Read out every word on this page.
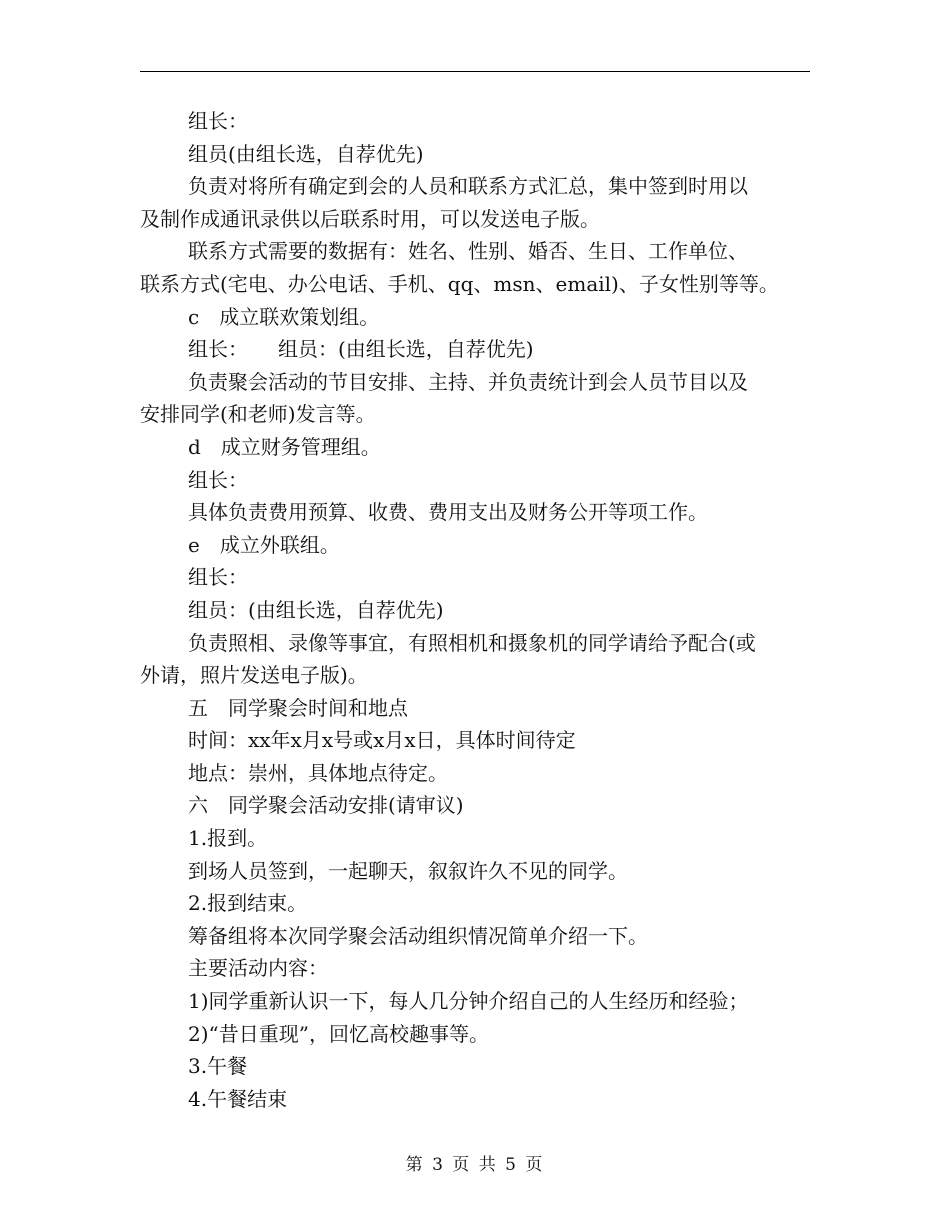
组长：
组员(由组长选，自荐优先)
负责对将所有确定到会的人员和联系方式汇总，集中签到时用以
及制作成通讯录供以后联系时用，可以发送电子版。
联系方式需要的数据有：姓名、性别、婚否、生日、工作单位、
联系方式(宅电、办公电话、手机、qq、msn、email)、子女性别等等。
c　成立联欢策划组。
组长：　　组员：(由组长选，自荐优先)
负责聚会活动的节目安排、主持、并负责统计到会人员节目以及
安排同学(和老师)发言等。
d　成立财务管理组。
组长：
具体负责费用预算、收费、费用支出及财务公开等项工作。
e　成立外联组。
组长：
组员：(由组长选，自荐优先)
负责照相、录像等事宜，有照相机和摄象机的同学请给予配合(或
外请，照片发送电子版)。
五　同学聚会时间和地点
时间：xx年x月x号或x月x日，具体时间待定
地点：崇州，具体地点待定。
六　同学聚会活动安排(请审议)
1.报到。
到场人员签到，一起聊天，叙叙许久不见的同学。
2.报到结束。
筹备组将本次同学聚会活动组织情况简单介绍一下。
主要活动内容：
1)同学重新认识一下，每人几分钟介绍自己的人生经历和经验；
2)“昔日重现”，回忆高校趣事等。
3.午餐
4.午餐结束
第 3 页 共 5 页
